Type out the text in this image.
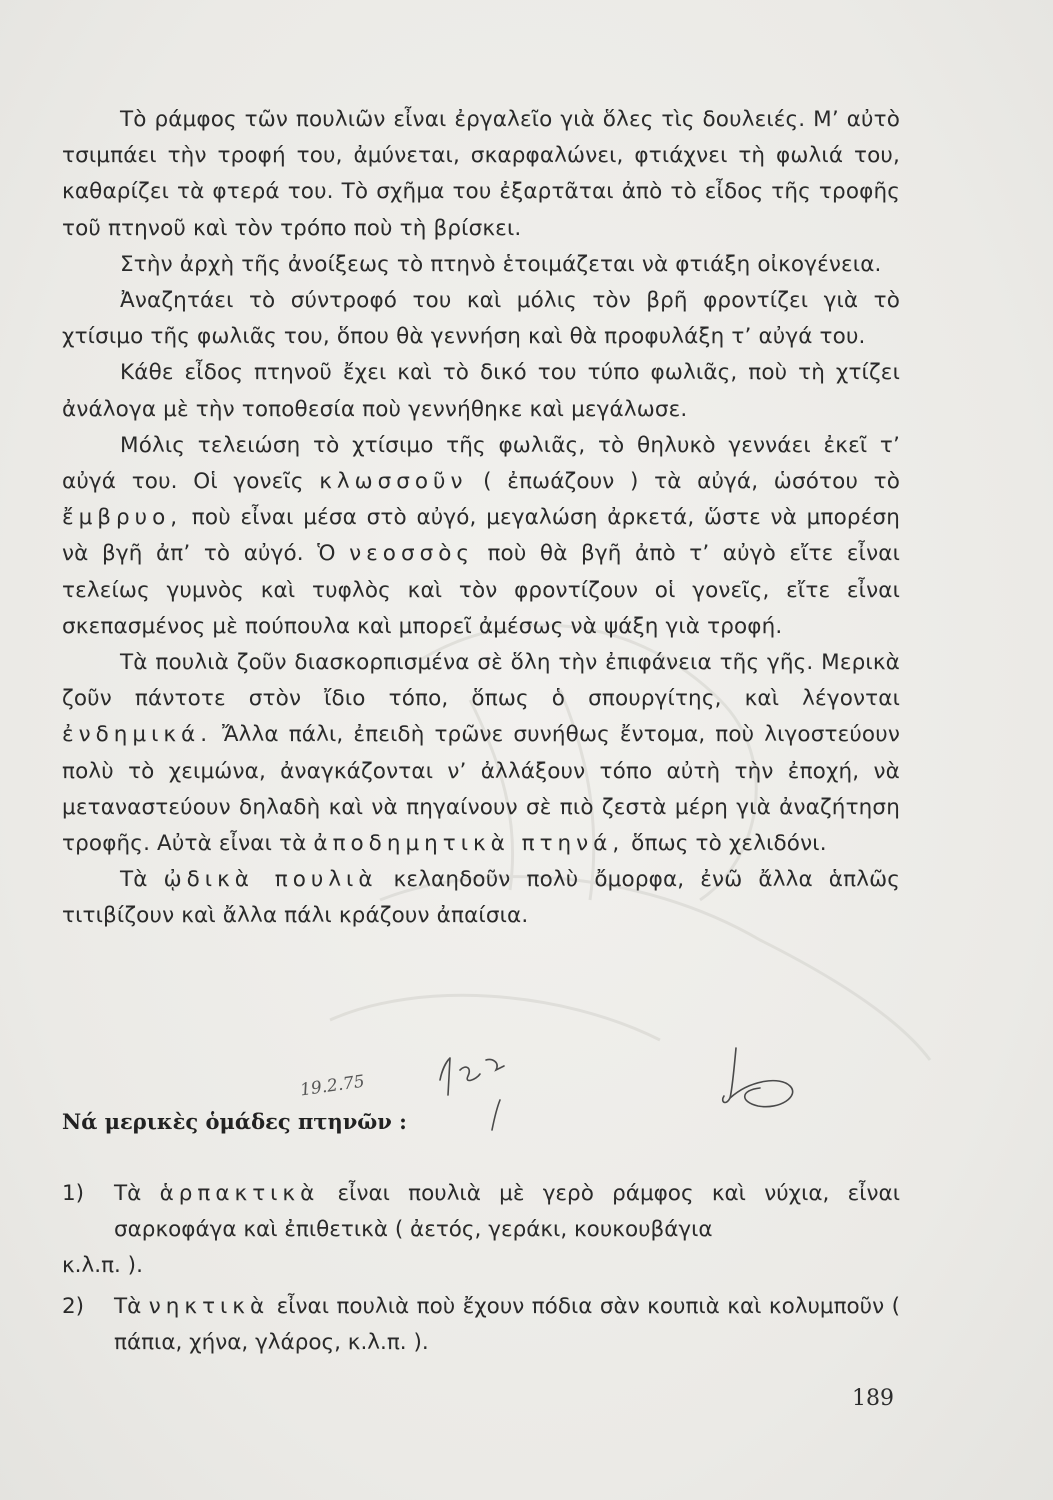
Τὸ ράμφος τῶν πουλιῶν εἶναι ἐργαλεῖο γιὰ ὅλες τὶς δουλειές. Μ’ αὐτὸ τσιμπάει τὴν τροφή του, ἀμύνεται, σκαρφαλώνει, φτιάχνει τὴ φωλιά του, καθαρίζει τὰ φτερά του. Τὸ σχῆμα του ἐξαρτᾶται ἀπὸ τὸ εἶδος τῆς τροφῆς τοῦ πτηνοῦ καὶ τὸν τρόπο ποὺ τὴ βρίσκει.

Στὴν ἀρχὴ τῆς ἀνοίξεως τὸ πτηνὸ ἑτοιμάζεται νὰ φτιάξη οἰκογένεια.

Ἀναζητάει τὸ σύντροφό του καὶ μόλις τὸν βρῆ φροντίζει γιὰ τὸ χτίσιμο τῆς φωλιᾶς του, ὅπου θὰ γεννήση καὶ θὰ προφυλάξη τ’ αὐγά του.

Κάθε εἶδος πτηνοῦ ἔχει καὶ τὸ δικό του τύπο φωλιᾶς, ποὺ τὴ χτίζει ἀνάλογα μὲ τὴν τοποθεσία ποὺ γεννήθηκε καὶ μεγάλωσε.

Μόλις τελειώση τὸ χτίσιμο τῆς φωλιᾶς, τὸ θηλυκὸ γεννάει ἐκεῖ τ’ αὐγά του. Οἱ γονεῖς κλωσσοῦν ( ἐπωάζουν ) τὰ αὐγά, ὡσότου τὸ ἔμβρυο, ποὺ εἶναι μέσα στὸ αὐγό, μεγαλώση ἀρκετά, ὥστε νὰ μπορέση νὰ βγῆ ἀπ’ τὸ αὐγό. Ὁ νεοσσὸς ποὺ θὰ βγῆ ἀπὸ τ’ αὐγὸ εἴτε εἶναι τελείως γυμνὸς καὶ τυφλὸς καὶ τὸν φροντίζουν οἱ γονεῖς, εἴτε εἶναι σκεπασμένος μὲ πούπουλα καὶ μπορεῖ ἀμέσως νὰ ψάξη γιὰ τροφή.

Τὰ πουλιὰ ζοῦν διασκορπισμένα σὲ ὅλη τὴν ἐπιφάνεια τῆς γῆς. Μερικὰ ζοῦν πάντοτε στὸν ἴδιο τόπο, ὅπως ὁ σπουργίτης, καὶ λέγονται ἐνδημικά. Ἄλλα πάλι, ἐπειδὴ τρῶνε συνήθως ἔντομα, ποὺ λιγοστεύουν πολὺ τὸ χειμώνα, ἀναγκάζονται ν’ ἀλλάξουν τόπο αὐτὴ τὴν ἐποχή, νὰ μεταναστεύουν δηλαδὴ καὶ νὰ πηγαίνουν σὲ πιὸ ζεστὰ μέρη γιὰ ἀναζήτηση τροφῆς. Αὐτὰ εἶναι τὰ ἀποδημητικὰ πτηνά, ὅπως τὸ χελιδόνι.

Τὰ ᾠδικὰ πουλιὰ κελαηδοῦν πολὺ ὄμορφα, ἐνῶ ἄλλα ἁπλῶς τιτιβίζουν καὶ ἄλλα πάλι κράζουν ἀπαίσια.

19.2.75
Νά μερικὲς ὁμάδες πτηνῶν :
1) Τὰ ἁρπακτικὰ εἶναι πουλιὰ μὲ γερὸ ράμφος καὶ νύχια, εἶναι σαρκοφάγα καὶ ἐπιθετικὰ ( ἀετός, γεράκι, κουκουβάγια
κ.λ.π. ).
2) Τὰ νηκτικὰ εἶναι πουλιὰ ποὺ ἔχουν πόδια σὰν κουπιὰ καὶ κολυμποῦν ( πάπια, χήνα, γλάρος, κ.λ.π. ).
189
